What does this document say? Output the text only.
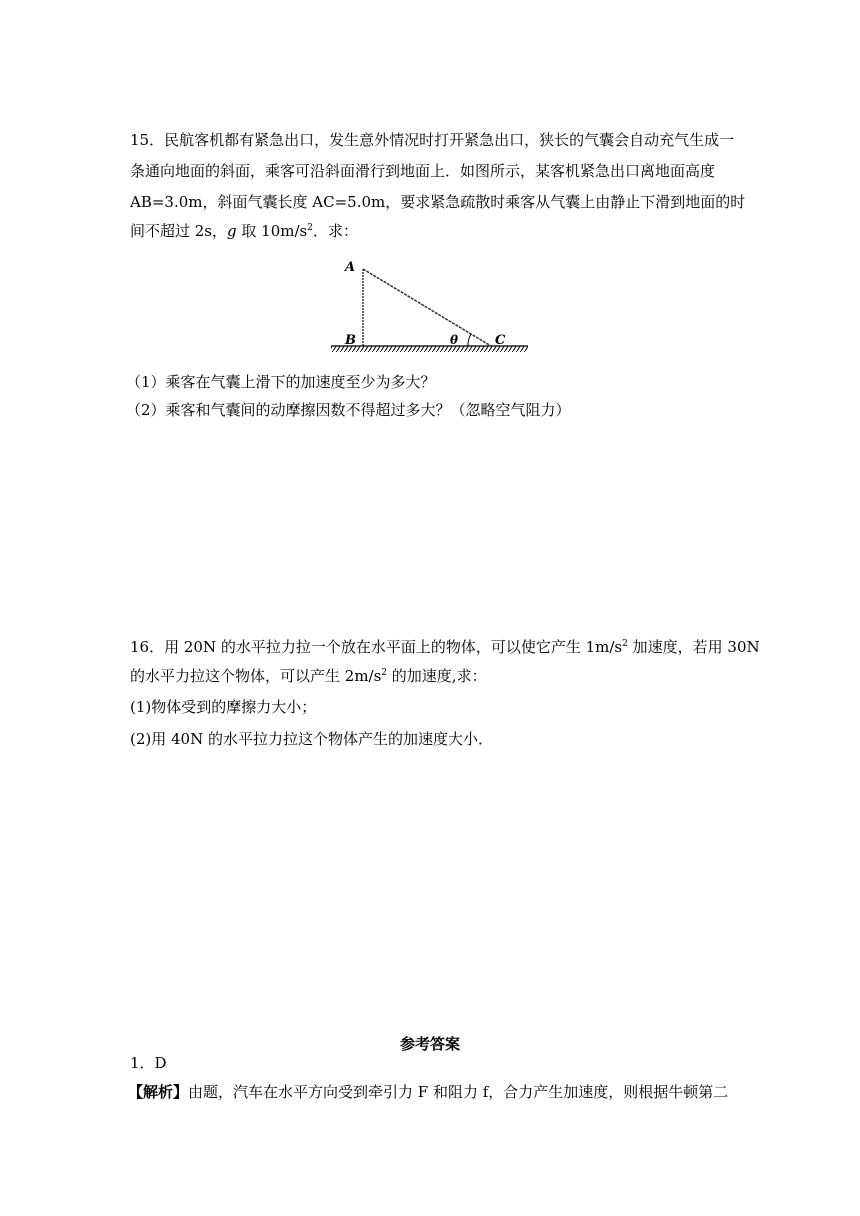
15．民航客机都有紧急出口，发生意外情况时打开紧急出口，狭长的气囊会自动充气生成一
条通向地面的斜面，乘客可沿斜面滑行到地面上．如图所示，某客机紧急出口离地面高度
AB=3.0m，斜面气囊长度 AC=5.0m，要求紧急疏散时乘客从气囊上由静止下滑到地面的时
间不超过 2s，g 取 $10m/s^2$．求：
A
B	C
θ
（1）乘客在气囊上滑下的加速度至少为多大？
（2）乘客和气囊间的动摩擦因数不得超过多大？（忽略空气阻力）
16．用 20N 的水平拉力拉一个放在水平面上的物体，可以使它产生 $1m/s^2$ 加速度，若用 30N
的水平力拉这个物体，可以产生 $2m/s^2$ 的加速度,求：
(1)物体受到的摩擦力大小；
(2)用 40N 的水平拉力拉这个物体产生的加速度大小．
参考答案
1．D
【解析】由题，汽车在水平方向受到牵引力 F 和阻力 f，合力产生加速度，则根据牛顿第二
